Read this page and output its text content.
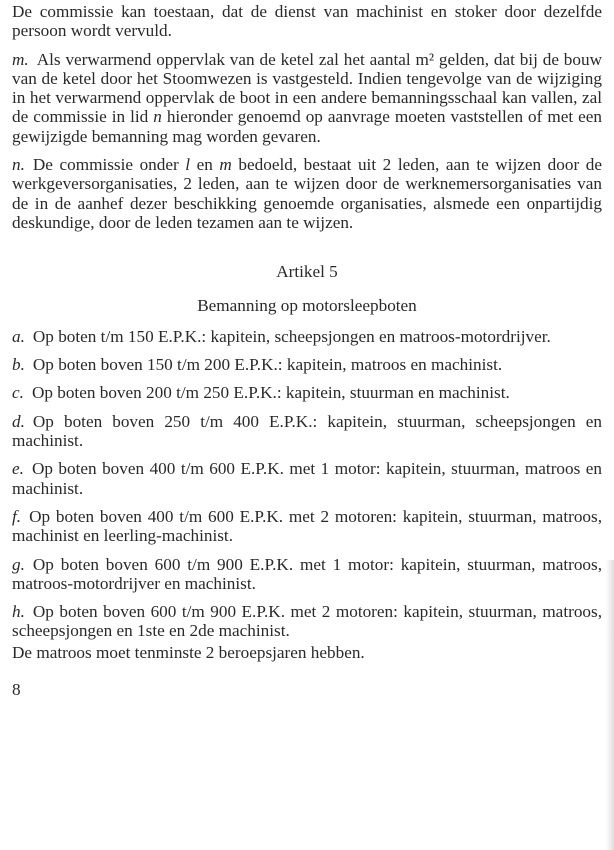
De commissie kan toestaan, dat de dienst van machinist en stoker door dezelfde persoon wordt vervuld.

m. Als verwarmend oppervlak van de ketel zal het aantal m² gelden, dat bij de bouw van de ketel door het Stoomwezen is vastgesteld. Indien tengevolge van de wijziging in het verwarmend oppervlak de boot in een andere bemanningsschaal kan vallen, zal de commissie in lid n hieronder genoemd op aanvrage moeten vaststellen of met een gewijzigde bemanning mag worden gevaren.

n. De commissie onder l en m bedoeld, bestaat uit 2 leden, aan te wijzen door de werkgeversorganisaties, 2 leden, aan te wijzen door de werknemersorganisaties van de in de aanhef dezer beschikking genoemde organisaties, alsmede een onpartijdig deskundige, door de leden tezamen aan te wijzen.

Artikel 5

Bemanning op motorsleepboten

a. Op boten t/m 150 E.P.K.: kapitein, scheepsjongen en matroos-motordrijver.

b. Op boten boven 150 t/m 200 E.P.K.: kapitein, matroos en machinist.

c. Op boten boven 200 t/m 250 E.P.K.: kapitein, stuurman en machinist.

d. Op boten boven 250 t/m 400 E.P.K.: kapitein, stuurman, scheepsjongen en machinist.

e. Op boten boven 400 t/m 600 E.P.K. met 1 motor: kapitein, stuurman, matroos en machinist.

f. Op boten boven 400 t/m 600 E.P.K. met 2 motoren: kapitein, stuurman, matroos, machinist en leerling-machinist.

g. Op boten boven 600 t/m 900 E.P.K. met 1 motor: kapitein, stuurman, matroos, matroos-motordrijver en machinist.

h. Op boten boven 600 t/m 900 E.P.K. met 2 motoren: kapitein, stuurman, matroos, scheepsjongen en 1ste en 2de machinist.

De matroos moet tenminste 2 beroepsjaren hebben.

8
